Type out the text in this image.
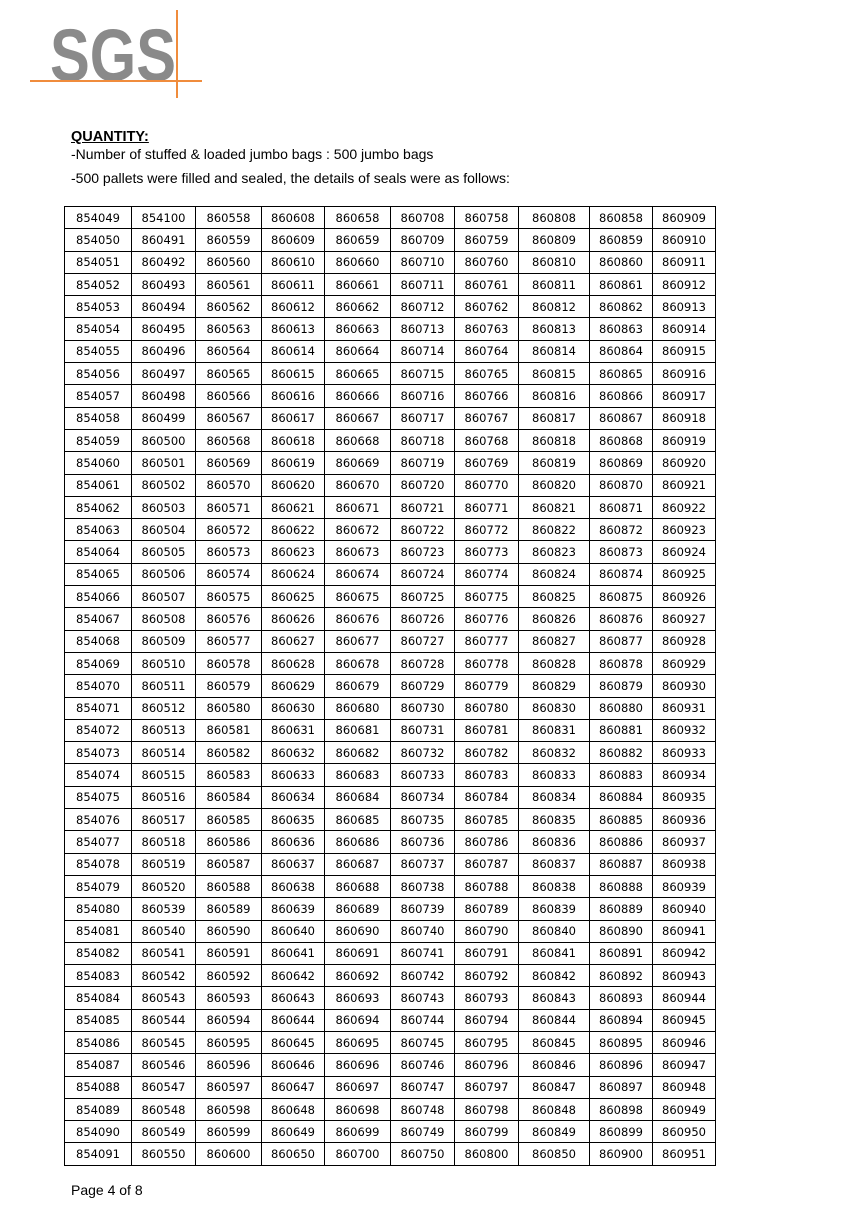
SGS
QUANTITY:
-Number of stuffed & loaded jumbo bags : 500 jumbo bags
-500 pallets were filled and sealed, the details of seals were as follows:
854049	854100	860558	860608	860658	860708	860758	860808	860858	860909
854050	860491	860559	860609	860659	860709	860759	860809	860859	860910
854051	860492	860560	860610	860660	860710	860760	860810	860860	860911
854052	860493	860561	860611	860661	860711	860761	860811	860861	860912
854053	860494	860562	860612	860662	860712	860762	860812	860862	860913
854054	860495	860563	860613	860663	860713	860763	860813	860863	860914
854055	860496	860564	860614	860664	860714	860764	860814	860864	860915
854056	860497	860565	860615	860665	860715	860765	860815	860865	860916
854057	860498	860566	860616	860666	860716	860766	860816	860866	860917
854058	860499	860567	860617	860667	860717	860767	860817	860867	860918
854059	860500	860568	860618	860668	860718	860768	860818	860868	860919
854060	860501	860569	860619	860669	860719	860769	860819	860869	860920
854061	860502	860570	860620	860670	860720	860770	860820	860870	860921
854062	860503	860571	860621	860671	860721	860771	860821	860871	860922
854063	860504	860572	860622	860672	860722	860772	860822	860872	860923
854064	860505	860573	860623	860673	860723	860773	860823	860873	860924
854065	860506	860574	860624	860674	860724	860774	860824	860874	860925
854066	860507	860575	860625	860675	860725	860775	860825	860875	860926
854067	860508	860576	860626	860676	860726	860776	860826	860876	860927
854068	860509	860577	860627	860677	860727	860777	860827	860877	860928
854069	860510	860578	860628	860678	860728	860778	860828	860878	860929
854070	860511	860579	860629	860679	860729	860779	860829	860879	860930
854071	860512	860580	860630	860680	860730	860780	860830	860880	860931
854072	860513	860581	860631	860681	860731	860781	860831	860881	860932
854073	860514	860582	860632	860682	860732	860782	860832	860882	860933
854074	860515	860583	860633	860683	860733	860783	860833	860883	860934
854075	860516	860584	860634	860684	860734	860784	860834	860884	860935
854076	860517	860585	860635	860685	860735	860785	860835	860885	860936
854077	860518	860586	860636	860686	860736	860786	860836	860886	860937
854078	860519	860587	860637	860687	860737	860787	860837	860887	860938
854079	860520	860588	860638	860688	860738	860788	860838	860888	860939
854080	860539	860589	860639	860689	860739	860789	860839	860889	860940
854081	860540	860590	860640	860690	860740	860790	860840	860890	860941
854082	860541	860591	860641	860691	860741	860791	860841	860891	860942
854083	860542	860592	860642	860692	860742	860792	860842	860892	860943
854084	860543	860593	860643	860693	860743	860793	860843	860893	860944
854085	860544	860594	860644	860694	860744	860794	860844	860894	860945
854086	860545	860595	860645	860695	860745	860795	860845	860895	860946
854087	860546	860596	860646	860696	860746	860796	860846	860896	860947
854088	860547	860597	860647	860697	860747	860797	860847	860897	860948
854089	860548	860598	860648	860698	860748	860798	860848	860898	860949
854090	860549	860599	860649	860699	860749	860799	860849	860899	860950
854091	860550	860600	860650	860700	860750	860800	860850	860900	860951
Page 4 of 8
